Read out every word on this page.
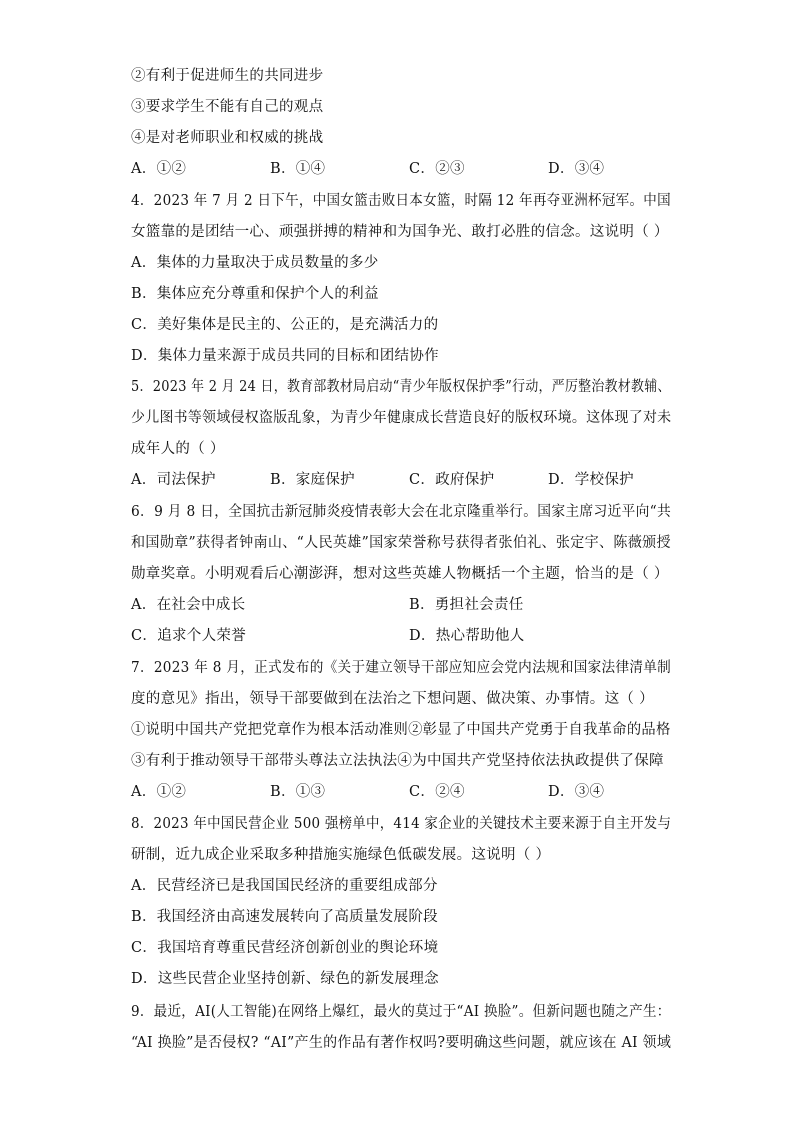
②有利于促进师生的共同进步
③要求学生不能有自己的观点
④是对老师职业和权威的挑战
A．①②	B．①④	C．②③	D．③④
4．2023 年 7 月 2 日下午，中国女篮击败日本女篮，时隔 12 年再夺亚洲杯冠军。中国
女篮靠的是团结一心、顽强拼搏的精神和为国争光、敢打必胜的信念。这说明（ ）
A．集体的力量取决于成员数量的多少
B．集体应充分尊重和保护个人的利益
C．美好集体是民主的、公正的，是充满活力的
D．集体力量来源于成员共同的目标和团结协作
5．2023 年 2 月 24 日，教育部教材局启动“青少年版权保护季”行动，严厉整治教材教辅、
少儿图书等领域侵权盗版乱象，为青少年健康成长营造良好的版权环境。这体现了对未
成年人的（ ）
A．司法保护	B．家庭保护	C．政府保护	D．学校保护
6．9 月 8 日，全国抗击新冠肺炎疫情表彰大会在北京隆重举行。国家主席习近平向“共
和国勋章”获得者钟南山、“人民英雄”国家荣誉称号获得者张伯礼、张定宇、陈薇颁授
勋章奖章。小明观看后心潮澎湃，想对这些英雄人物概括一个主题，恰当的是（ ）
A．在社会中成长	B．勇担社会责任
C．追求个人荣誉	D．热心帮助他人
7．2023 年 8 月，正式发布的《关于建立领导干部应知应会党内法规和国家法律清单制
度的意见》指出，领导干部要做到在法治之下想问题、做决策、办事情。这（ ）
①说明中国共产党把党章作为根本活动准则②彰显了中国共产党勇于自我革命的品格
③有利于推动领导干部带头尊法立法执法④为中国共产党坚持依法执政提供了保障
A．①②	B．①③	C．②④	D．③④
8．2023 年中国民营企业 500 强榜单中，414 家企业的关键技术主要来源于自主开发与
研制，近九成企业采取多种措施实施绿色低碳发展。这说明（ ）
A．民营经济已是我国国民经济的重要组成部分
B．我国经济由高速发展转向了高质量发展阶段
C．我国培育尊重民营经济创新创业的舆论环境
D．这些民营企业坚持创新、绿色的新发展理念
9．最近，AI(人工智能)在网络上爆红，最火的莫过于“AI 换脸”。但新问题也随之产生：
“AI 换脸”是否侵权? “AI”产生的作品有著作权吗?要明确这些问题，就应该在 AI 领域
